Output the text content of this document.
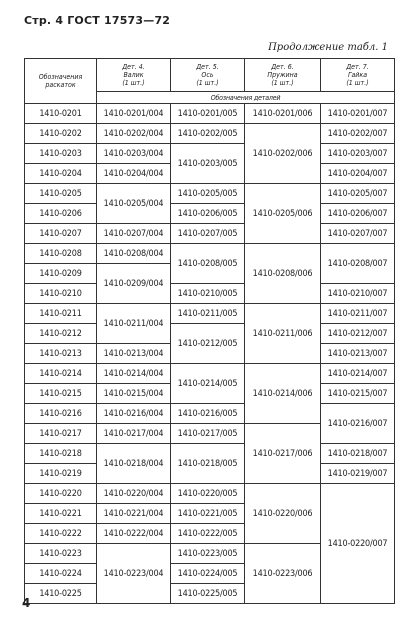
Стр. 4 ГОСТ 17573—72
Продолжение табл. 1
Обозначения
раскаток	Дет. 4.
Валик
(1 шт.)	Дет. 5.
Ось
(1 шт.)	Дет. 6.
Пружина
(1 шт.)	Дет. 7.
Гайка
(1 шт.)

	Обозначения деталей			
1410-0201	1410-0201/004	1410-0201/005	1410-0201/006	1410-0201/007
1410-0202	1410-0202/004	1410-0202/005	1410-0202/006	1410-0202/007
1410-0203	1410-0203/004	1410-0203/005		1410-0203/007
1410-0204	1410-0204/004			1410-0204/007
1410-0205	1410-0205/004	1410-0205/005	1410-0205/006	1410-0205/007
1410-0206		1410-0206/005		1410-0206/007
1410-0207	1410-0207/004	1410-0207/005		1410-0207/007
1410-0208	1410-0208/004	1410-0208/005	1410-0208/006	1410-0208/007
1410-0209	1410-0209/004			
1410-0210		1410-0210/005		1410-0210/007
1410-0211	1410-0211/004	1410-0211/005	1410-0211/006	1410-0211/007
1410-0212		1410-0212/005		1410-0212/007
1410-0213	1410-0213/004			1410-0213/007
1410-0214	1410-0214/004	1410-0214/005	1410-0214/006	1410-0214/007
1410-0215	1410-0215/004			1410-0215/007
1410-0216	1410-0216/004	1410-0216/005		1410-0216/007
1410-0217	1410-0217/004	1410-0217/005	1410-0217/006	
1410-0218	1410-0218/004	1410-0218/005		1410-0218/007
1410-0219				1410-0219/007
1410-0220	1410-0220/004	1410-0220/005	1410-0220/006	1410-0220/007
1410-0221	1410-0221/004	1410-0221/005		
1410-0222	1410-0222/004	1410-0222/005		
1410-0223	1410-0223/004	1410-0223/005	1410-0223/006	
1410-0224		1410-0224/005		
1410-0225		1410-0225/005		
4
